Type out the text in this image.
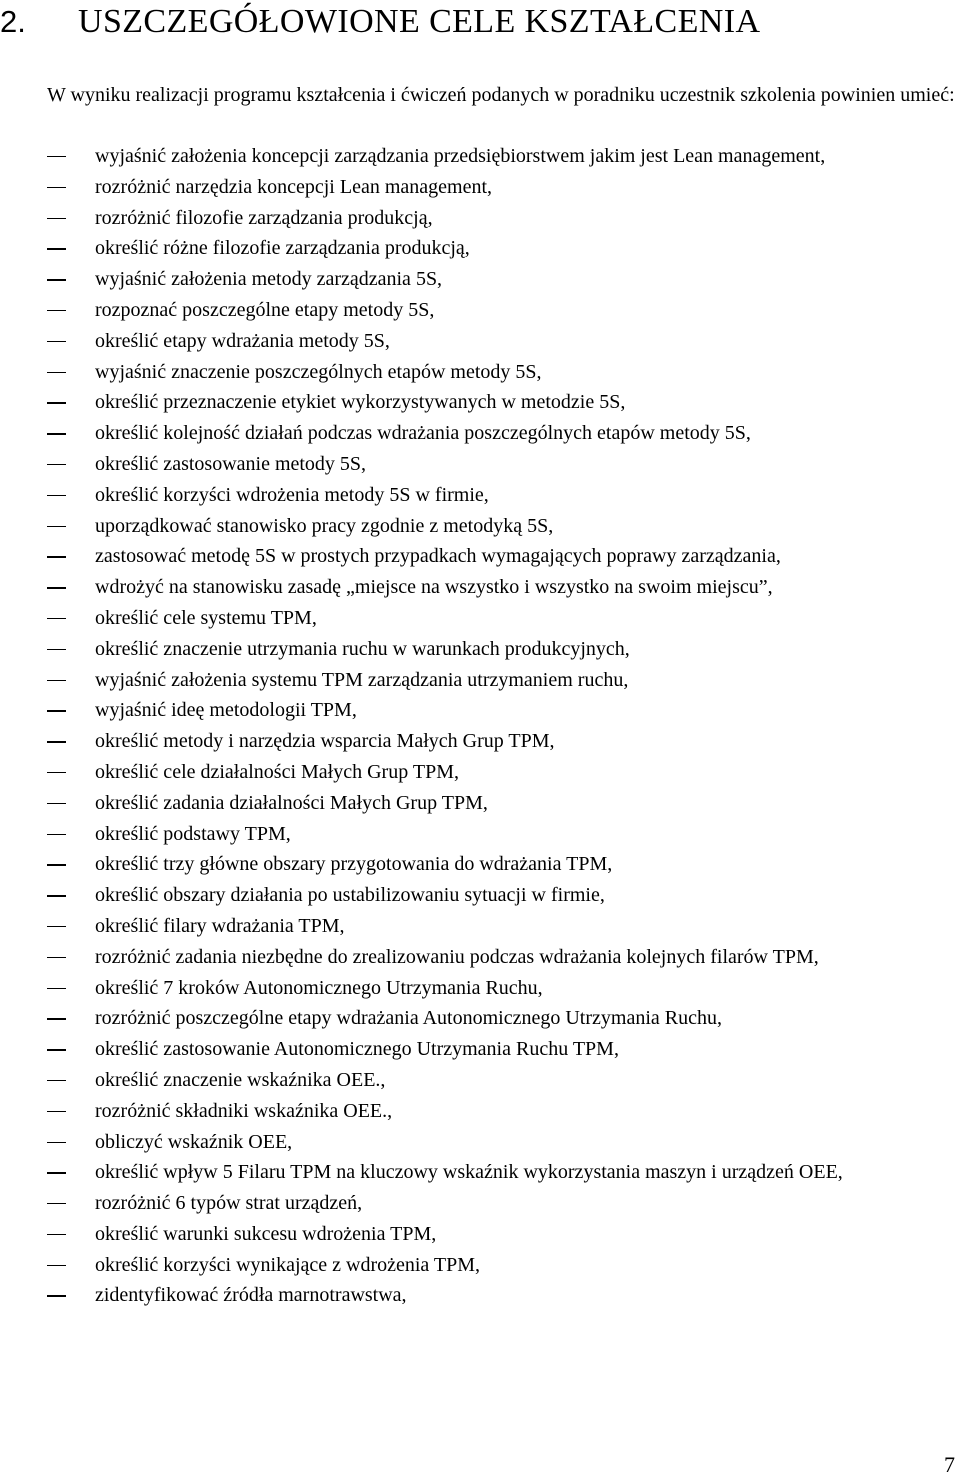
2. USZCZEGÓŁOWIONE CELE KSZTAŁCENIA

W wyniku realizacji programu kształcenia i ćwiczeń podanych w poradniku uczestnik szkolenia powinien umieć:

wyjaśnić założenia koncepcji zarządzania przedsiębiorstwem jakim jest Lean management,
rozróżnić narzędzia koncepcji Lean management,
rozróżnić filozofie zarządzania produkcją,
określić różne filozofie zarządzania produkcją,
wyjaśnić założenia metody zarządzania 5S,
rozpoznać poszczególne etapy metody 5S,
określić etapy wdrażania metody 5S,
wyjaśnić znaczenie poszczególnych etapów metody 5S,
określić przeznaczenie etykiet wykorzystywanych w metodzie 5S,
określić kolejność działań podczas wdrażania poszczególnych etapów metody 5S,
określić zastosowanie metody 5S,
określić korzyści wdrożenia metody 5S w firmie,
uporządkować stanowisko pracy zgodnie z metodyką 5S,
zastosować metodę 5S w prostych przypadkach wymagających poprawy zarządzania,
wdrożyć na stanowisku zasadę „miejsce na wszystko i wszystko na swoim miejscu”,
określić cele systemu TPM,
określić znaczenie utrzymania ruchu w warunkach produkcyjnych,
wyjaśnić założenia systemu TPM zarządzania utrzymaniem ruchu,
wyjaśnić ideę metodologii TPM,
określić metody i narzędzia wsparcia Małych Grup TPM,
określić cele działalności Małych Grup TPM,
określić zadania działalności Małych Grup TPM,
określić podstawy TPM,
określić trzy główne obszary przygotowania do wdrażania TPM,
określić obszary działania po ustabilizowaniu sytuacji w firmie,
określić filary wdrażania TPM,
rozróżnić zadania niezbędne do zrealizowaniu podczas wdrażania kolejnych filarów TPM,
określić 7 kroków Autonomicznego Utrzymania Ruchu,
rozróżnić poszczególne etapy wdrażania Autonomicznego Utrzymania Ruchu,
określić zastosowanie Autonomicznego Utrzymania Ruchu TPM,
określić znaczenie wskaźnika OEE.,
rozróżnić składniki wskaźnika OEE.,
obliczyć wskaźnik OEE,
określić wpływ 5 Filaru TPM na kluczowy wskaźnik wykorzystania maszyn i urządzeń OEE,
rozróżnić 6 typów strat urządzeń,
określić warunki sukcesu wdrożenia TPM,
określić korzyści wynikające z wdrożenia TPM,
zidentyfikować źródła marnotrawstwa,
7
